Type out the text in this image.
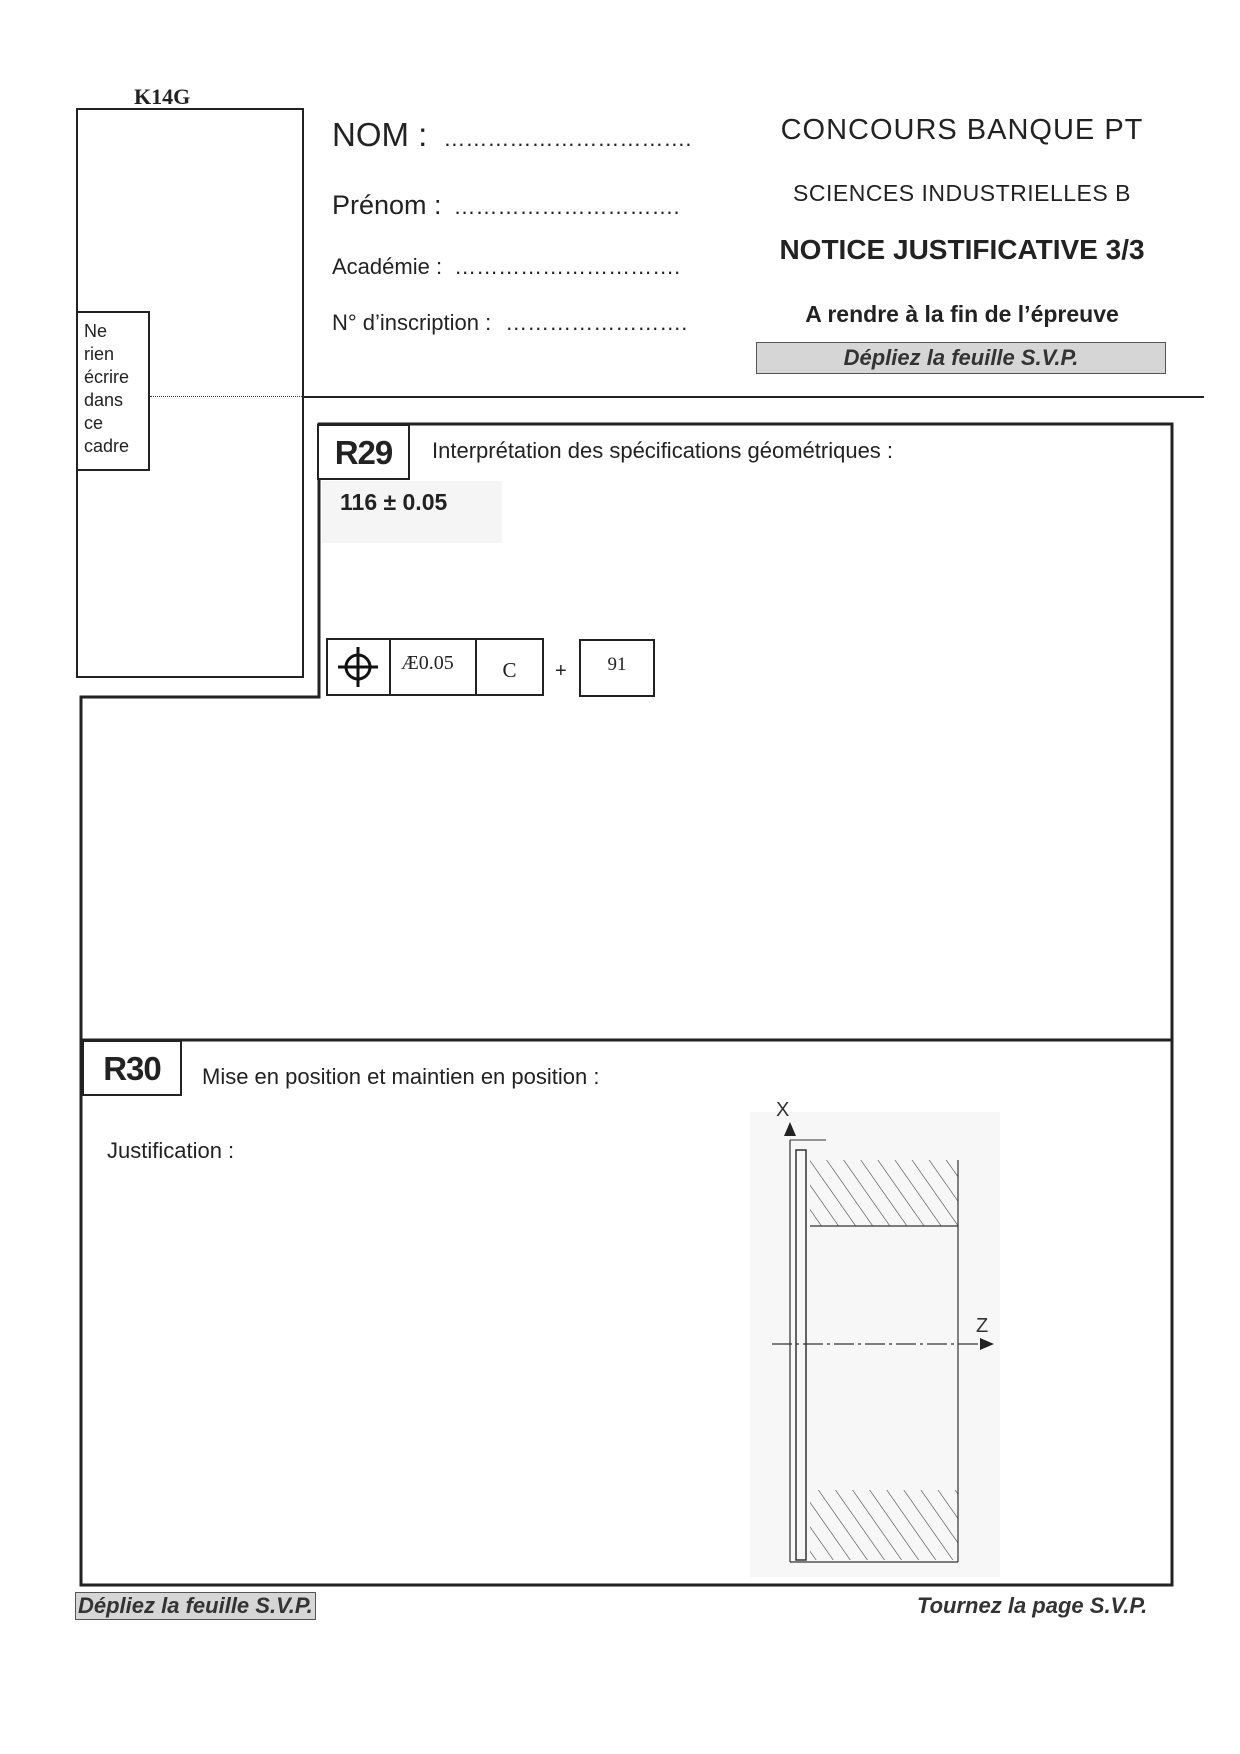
K14G
Ne
rien
écrire
dans
ce
cadre
NOM : …………………………….
Prénom : ………………………….
Académie : ………………………….
N° d’inscription : …………………….
CONCOURS BANQUE PT
SCIENCES INDUSTRIELLES B
NOTICE JUSTIFICATIVE 3/3
A rendre à la fin de l’épreuve
Dépliez la feuille S.V.P.
R29	Interprétation des spécifications géométriques :
116 ± 0.05
Æ0.05	C	+	91
R30	Mise en position et maintien en position :
Justification :
X
Z
Dépliez la feuille S.V.P.	Tournez la page S.V.P.
